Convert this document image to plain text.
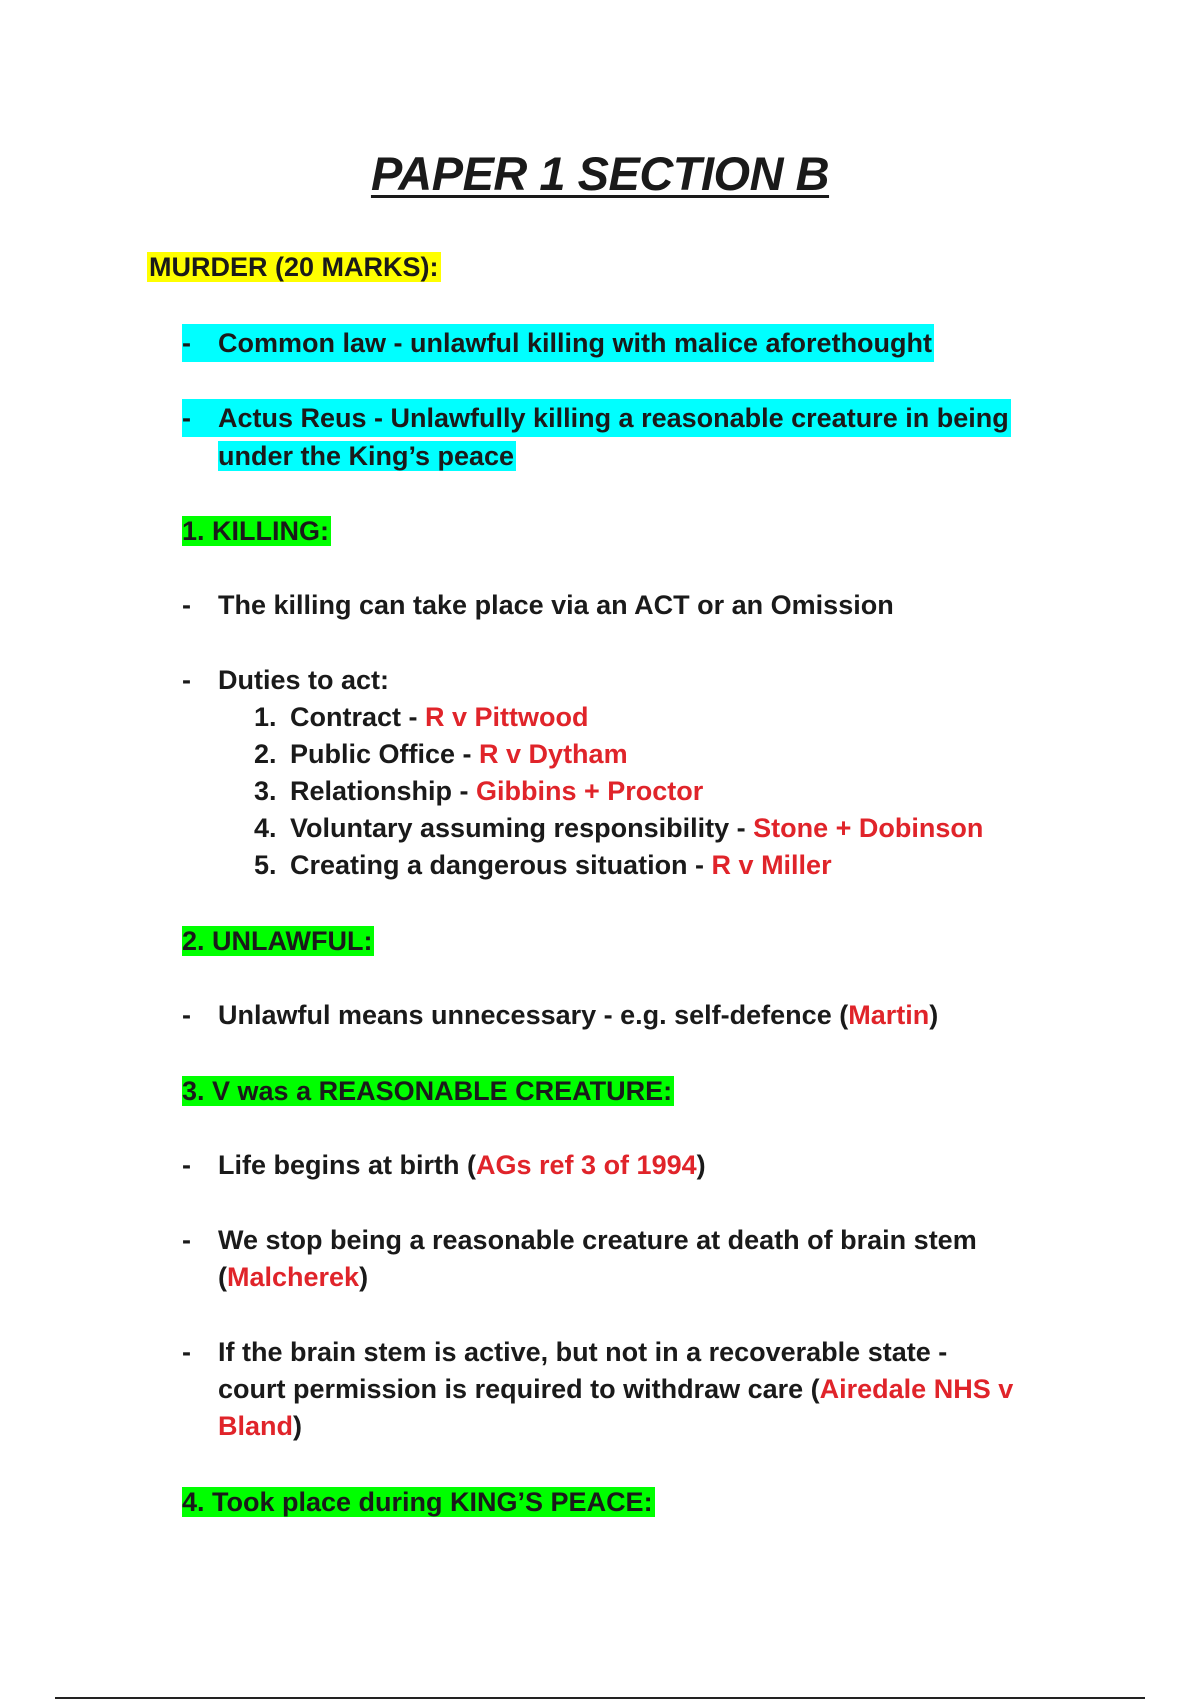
PAPER 1 SECTION B
MURDER (20 MARKS):
- Common law - unlawful killing with malice aforethought
- Actus Reus - Unlawfully killing a reasonable creature in being
under the King’s peace
1. KILLING:
- The killing can take place via an ACT or an Omission
- Duties to act:
1. Contract - R v Pittwood
2. Public Office - R v Dytham
3. Relationship - Gibbins + Proctor
4. Voluntary assuming responsibility - Stone + Dobinson
5. Creating a dangerous situation - R v Miller
2. UNLAWFUL:
- Unlawful means unnecessary - e.g. self-defence (Martin)
3. V was a REASONABLE CREATURE:
- Life begins at birth (AGs ref 3 of 1994)
- We stop being a reasonable creature at death of brain stem
(Malcherek)
- If the brain stem is active, but not in a recoverable state -
court permission is required to withdraw care (Airedale NHS v
Bland)
4. Took place during KING’S PEACE:
